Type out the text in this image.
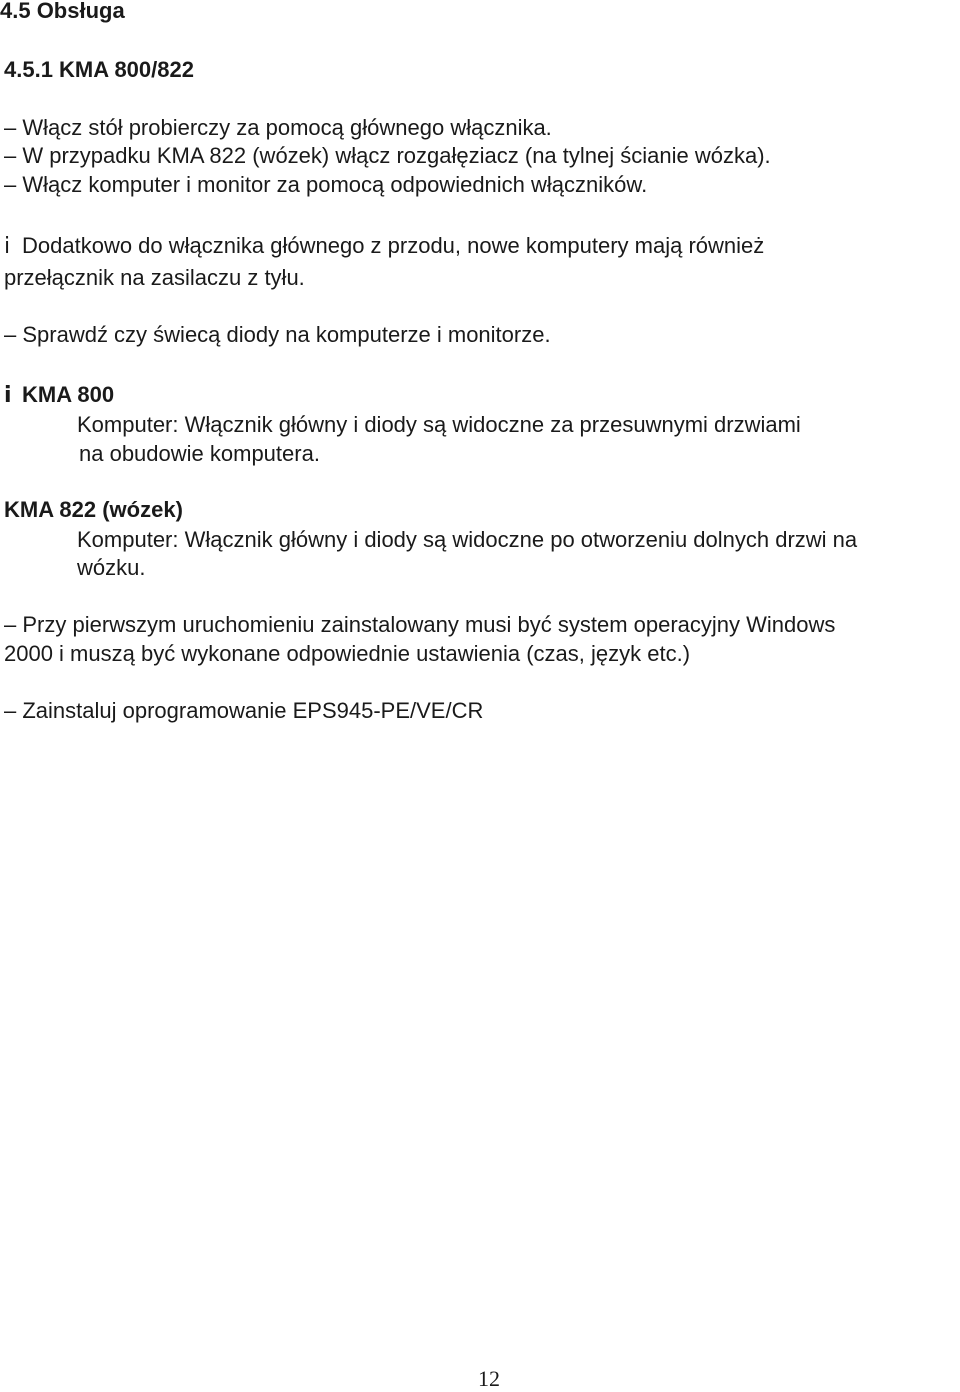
4.5 Obsługa
4.5.1 KMA 800/822
– Włącz stół probierczy za pomocą głównego włącznika.
– W przypadku KMA 822 (wózek) włącz rozgałęziacz (na tylnej ścianie wózka).
– Włącz komputer i monitor za pomocą odpowiednich włączników.
i Dodatkowo do włącznika głównego z przodu, nowe komputery mają również
przełącznik na zasilaczu z tyłu.
– Sprawdź czy świecą diody na komputerze i monitorze.
i KMA 800
Komputer: Włącznik główny i diody są widoczne za przesuwnymi drzwiami
na obudowie komputera.
KMA 822 (wózek)
Komputer: Włącznik główny i diody są widoczne po otworzeniu dolnych drzwi na
wózku.
– Przy pierwszym uruchomieniu zainstalowany musi być system operacyjny Windows
2000 i muszą być wykonane odpowiednie ustawienia (czas, język etc.)
– Zainstaluj oprogramowanie EPS945-PE/VE/CR
12
